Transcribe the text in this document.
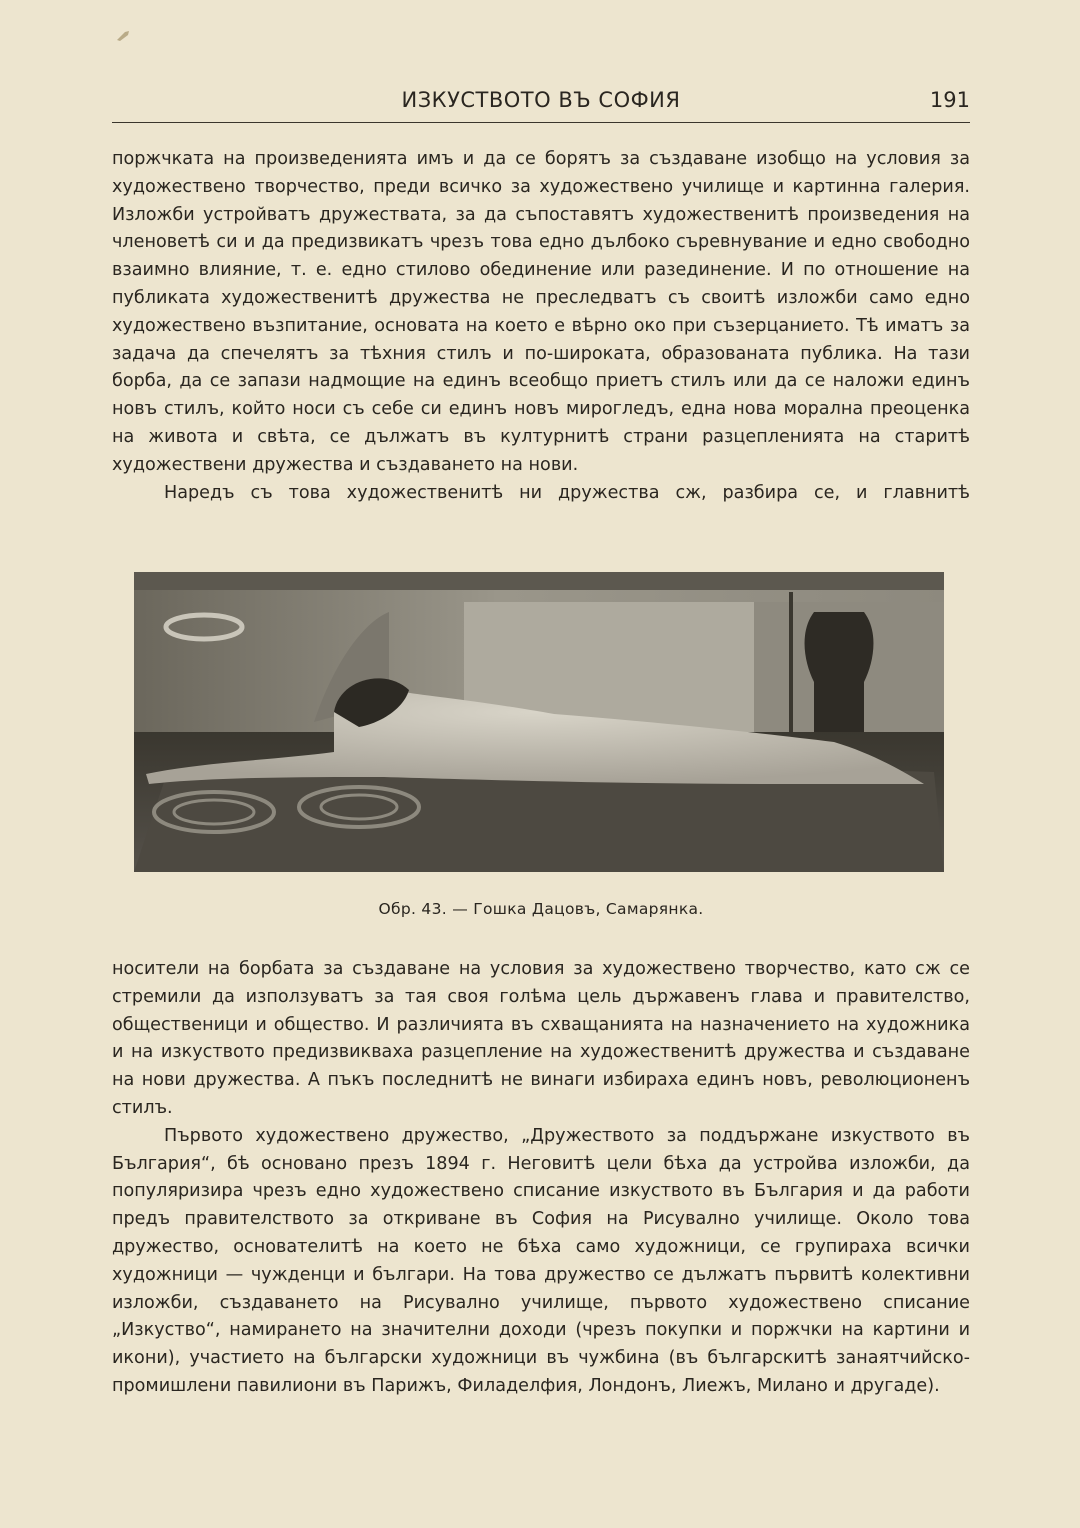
ИЗКУСТВОТО ВЪ СОФИЯ	191

поржчката на произведенията имъ и да се борятъ за създаване изобщо на условия за художествено творчество, преди всичко за художествено училище и картинна галерия. Изложби устройватъ дружествата, за да съпоставятъ художественитѣ произведения на членоветѣ си и да предизвикатъ чрезъ това едно дълбоко съревнувание и едно свободно взаимно влияние, т. е. едно стилово обединение или разединение. И по отношение на публиката художественитѣ дружества не преследватъ съ своитѣ изложби само едно художествено възпитание, основата на което е вѣрно око при съзерцанието. Тѣ иматъ за задача да спечелятъ за тѣхния стилъ и по-широката, образованата публика. На тази борба, да се запази надмощие на единъ всеобщо приетъ стилъ или да се наложи единъ новъ стилъ, който носи съ себе си единъ новъ мирогледъ, една нова морална преоценка на живота и свѣта, се дължатъ въ културнитѣ страни разцепленията на старитѣ художествени дружества и създаването на нови.

Наредъ съ това художественитѣ ни дружества сж, разбира се, и главнитѣ

Обр. 43. — Гошка Дацовъ, Самарянка.

носители на борбата за създаване на условия за художествено творчество, като сж се стремили да използуватъ за тая своя голѣма цель държавенъ глава и правителство, общественици и общество. И различията въ схващанията на назначението на художника и на изкуството предизвикваха разцепление на художественитѣ дружества и създаване на нови дружества. А пъкъ последнитѣ не винаги избираха единъ новъ, революционенъ стилъ.

Първото художествено дружество, „Дружеството за поддържане изкуството въ България“, бѣ основано презъ 1894 г. Неговитѣ цели бѣха да устройва изложби, да популяризира чрезъ едно художествено списание изкуството въ България и да работи предъ правителството за откриване въ София на Рисувално училище. Около това дружество, основателитѣ на което не бѣха само художници, се групираха всички художници — чужденци и българи. На това дружество се дължатъ първитѣ колективни изложби, създаването на Рисувално училище, първото художествено списание „Изкуство“, намирането на значителни доходи (чрезъ покупки и поржчки на картини и икони), участието на български художници въ чужбина (въ българскитѣ занаятчийско-промишлени павилиони въ Парижъ, Филаделфия, Лондонъ, Лиежъ, Милано и другаде).
